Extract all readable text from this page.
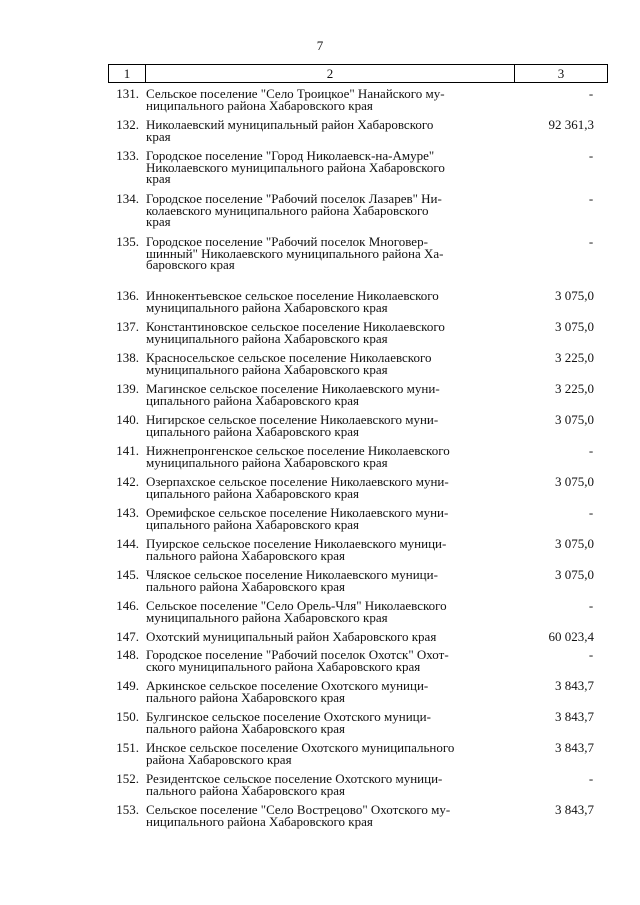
7
1	2	3
131. Сельское поселение "Село Троицкое" Нанайского му-
ниципального района Хабаровского края
-
132. Николаевский муниципальный район Хабаровского
края
92 361,3
133. Городское поселение "Город Николаевск-на-Амуре"
Николаевского муниципального района Хабаровского
края
-
134. Городское поселение "Рабочий поселок Лазарев" Ни-
колаевского муниципального района Хабаровского
края
-
135. Городское поселение "Рабочий поселок Многовер-
шинный" Николаевского муниципального района Ха-
баровского края
-
136. Иннокентьевское сельское поселение Николаевского
муниципального района Хабаровского края
3 075,0
137. Константиновское сельское поселение Николаевского
муниципального района Хабаровского края
3 075,0
138. Красносельское сельское поселение Николаевского
муниципального района Хабаровского края
3 225,0
139. Магинское сельское поселение Николаевского муни-
ципального района Хабаровского края
3 225,0
140. Нигирское сельское поселение Николаевского муни-
ципального района Хабаровского края
3 075,0
141. Нижнепронгенское сельское поселение Николаевского
муниципального района Хабаровского края
-
142. Озерпахское сельское поселение Николаевского муни-
ципального района Хабаровского края
3 075,0
143. Оремифское сельское поселение Николаевского муни-
ципального района Хабаровского края
-
144. Пуирское сельское поселение Николаевского муници-
пального района Хабаровского края
3 075,0
145. Чляское сельское поселение Николаевского муници-
пального района Хабаровского края
3 075,0
146. Сельское поселение "Село Орель-Чля" Николаевского
муниципального района Хабаровского края
-
147. Охотский муниципальный район Хабаровского края	60 023,4
148. Городское поселение "Рабочий поселок Охотск" Охот-
ского муниципального района Хабаровского края
-
149. Аркинское сельское поселение Охотского муници-
пального района Хабаровского края
3 843,7
150. Булгинское сельское поселение Охотского муници-
пального района Хабаровского края
3 843,7
151. Инское сельское поселение Охотского муниципального
района Хабаровского края
3 843,7
152. Резидентское сельское поселение Охотского муници-
пального района Хабаровского края
-
153. Сельское поселение "Село Вострецово" Охотского му-
ниципального района Хабаровского края
3 843,7
